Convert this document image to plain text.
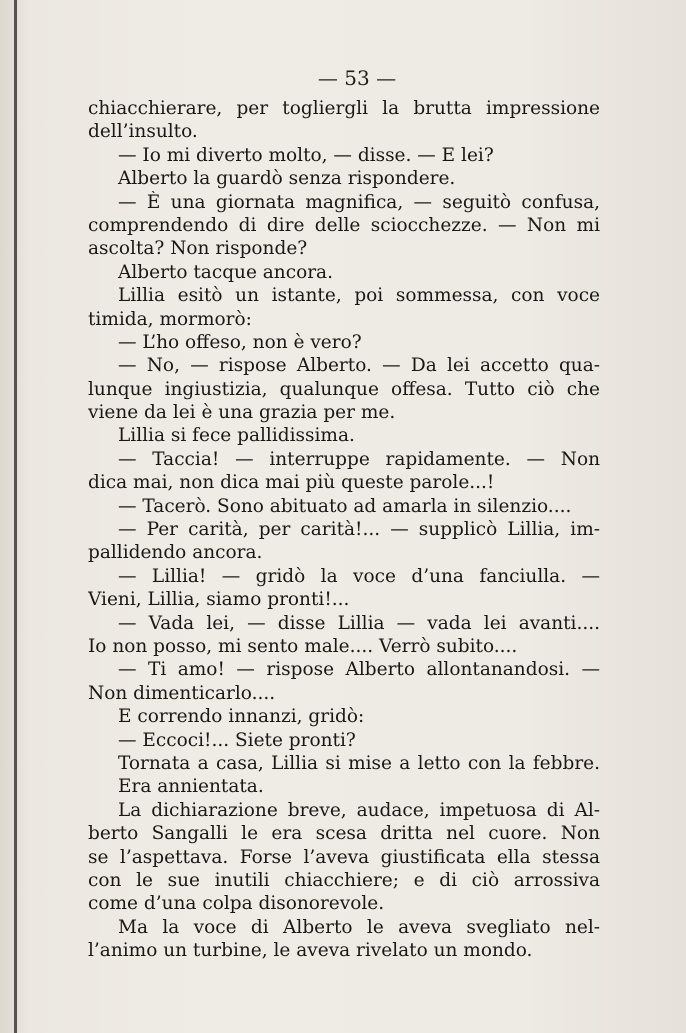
— 53 —
chiacchierare, per togliergli la brutta impressione
dell’insulto.
— Io mi diverto molto, — disse. — E lei?
Alberto la guardò senza rispondere.
— È una giornata magnifica, — seguitò confusa,
comprendendo di dire delle sciocchezze. — Non mi
ascolta? Non risponde?
Alberto tacque ancora.
Lillia esitò un istante, poi sommessa, con voce
timida, mormorò:
— L’ho offeso, non è vero?
— No, — rispose Alberto. — Da lei accetto qua-
lunque ingiustizia, qualunque offesa. Tutto ciò che
viene da lei è una grazia per me.
Lillia si fece pallidissima.
— Taccia! — interruppe rapidamente. — Non
dica mai, non dica mai più queste parole...!
— Tacerò. Sono abituato ad amarla in silenzio....
— Per carità, per carità!... — supplicò Lillia, im-
pallidendo ancora.
— Lillia! — gridò la voce d’una fanciulla. —
Vieni, Lillia, siamo pronti!...
— Vada lei, — disse Lillia — vada lei avanti....
Io non posso, mi sento male.... Verrò subito....
— Ti amo! — rispose Alberto allontanandosi. —
Non dimenticarlo....
E correndo innanzi, gridò:
— Eccoci!... Siete pronti?
Tornata a casa, Lillia si mise a letto con la febbre.
Era annientata.
La dichiarazione breve, audace, impetuosa di Al-
berto Sangalli le era scesa dritta nel cuore. Non
se l’aspettava. Forse l’aveva giustificata ella stessa
con le sue inutili chiacchiere; e di ciò arrossiva
come d’una colpa disonorevole.
Ma la voce di Alberto le aveva svegliato nel-
l’animo un turbine, le aveva rivelato un mondo.
